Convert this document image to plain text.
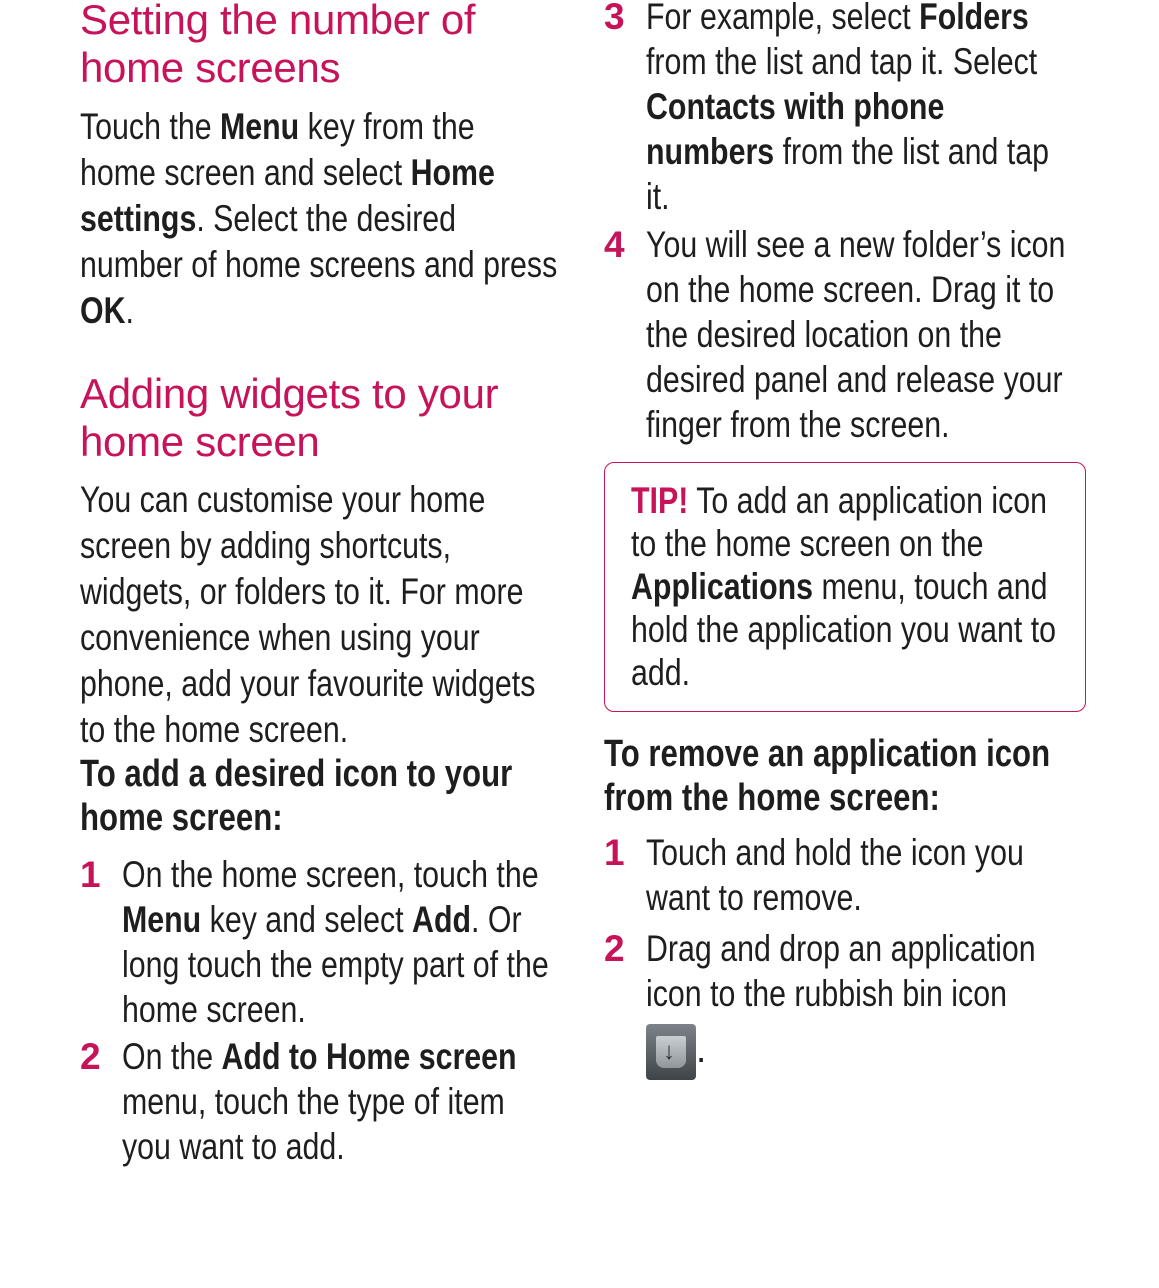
Setting the number of
home screens

Touch the Menu key from the home screen and select Home settings. Select the desired number of home screens and press OK.

Adding widgets to your
home screen

You can customise your home screen by adding shortcuts, widgets, or folders to it. For more convenience when using your phone, add your favourite widgets to the home screen.

To add a desired icon to your
home screen:
1 On the home screen, touch the Menu key and select Add. Or long touch the empty part of the home screen.
2 On the Add to Home screen menu, touch the type of item you want to add.
3 For example, select Folders from the list and tap it. Select Contacts with phone numbers from the list and tap it.
4 You will see a new folder’s icon on the home screen. Drag it to the desired location on the desired panel and release your finger from the screen.
TIP! To add an application icon to the home screen on the Applications menu, touch and hold the application you want to add.
To remove an application icon
from the home screen:
1 Touch and hold the icon you want to remove.
2 Drag and drop an application icon to the rubbish bin icon
↓.
